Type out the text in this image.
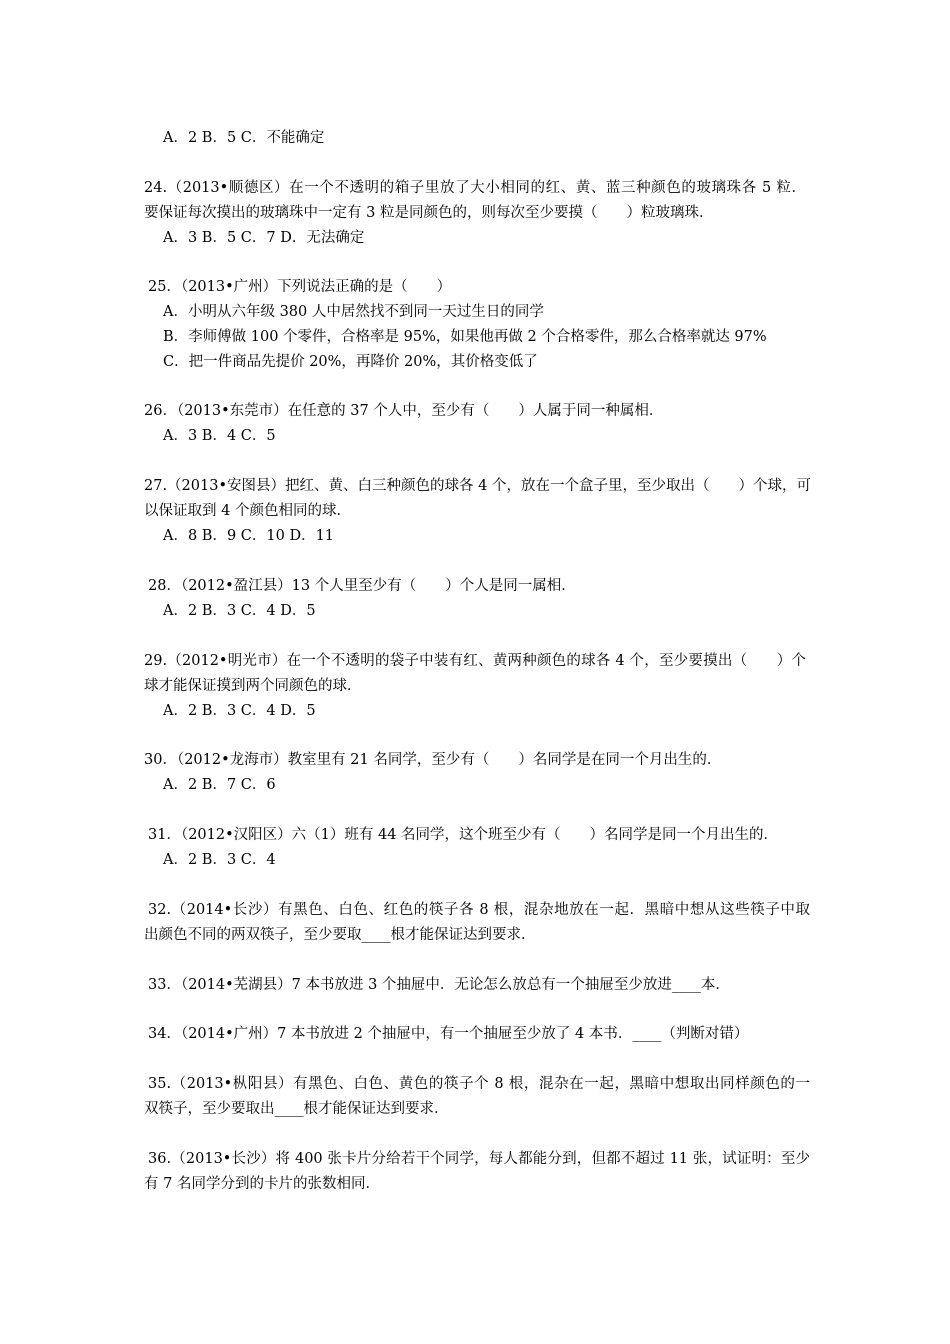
A．2 B．5 C．不能确定
24.（2013•顺德区）在一个不透明的箱子里放了大小相同的红、黄、蓝三种颜色的玻璃珠各 5 粒．
要保证每次摸出的玻璃珠中一定有 3 粒是同颜色的，则每次至少要摸（　　）粒玻璃珠．
A．3 B．5 C．7 D．无法确定
25．（2013•广州）下列说法正确的是（　　）
A．小明从六年级 380 人中居然找不到同一天过生日的同学
B．李师傅做 100 个零件，合格率是 95%，如果他再做 2 个合格零件，那么合格率就达 97%
C．把一件商品先提价 20%，再降价 20%，其价格变低了
26．（2013•东莞市）在任意的 37 个人中，至少有（　　）人属于同一种属相．
A．3 B．4 C．5
27.（2013•安图县）把红、黄、白三种颜色的球各 4 个，放在一个盒子里，至少取出（　　）个球，可
以保证取到 4 个颜色相同的球．
A．8 B．9 C．10 D．11
28．（2012•盈江县）13 个人里至少有（　　）个人是同一属相．
A．2 B．3 C．4 D．5
29.（2012•明光市）在一个不透明的袋子中装有红、黄两种颜色的球各 4 个，至少要摸出（　　）个
球才能保证摸到两个同颜色的球．
A．2 B．3 C．4 D．5
30．（2012•龙海市）教室里有 21 名同学，至少有（　　）名同学是在同一个月出生的．
A．2 B．7 C．6
31．（2012•汉阳区）六（1）班有 44 名同学，这个班至少有（　　）名同学是同一个月出生的．
A．2 B．3 C．4
32.（2014•长沙）有黑色、白色、红色的筷子各 8 根，混杂地放在一起．黑暗中想从这些筷子中取
出颜色不同的两双筷子，至少要取____根才能保证达到要求．
33．（2014•芜湖县）7 本书放进 3 个抽屉中．无论怎么放总有一个抽屉至少放进____本．
34．（2014•广州）7 本书放进 2 个抽屉中，有一个抽屉至少放了 4 本书．____（判断对错）
35.（2013•枞阳县）有黑色、白色、黄色的筷子个 8 根，混杂在一起，黑暗中想取出同样颜色的一
双筷子，至少要取出____根才能保证达到要求．
36.（2013•长沙）将 400 张卡片分给若干个同学，每人都能分到，但都不超过 11 张，试证明：至少
有 7 名同学分到的卡片的张数相同．
